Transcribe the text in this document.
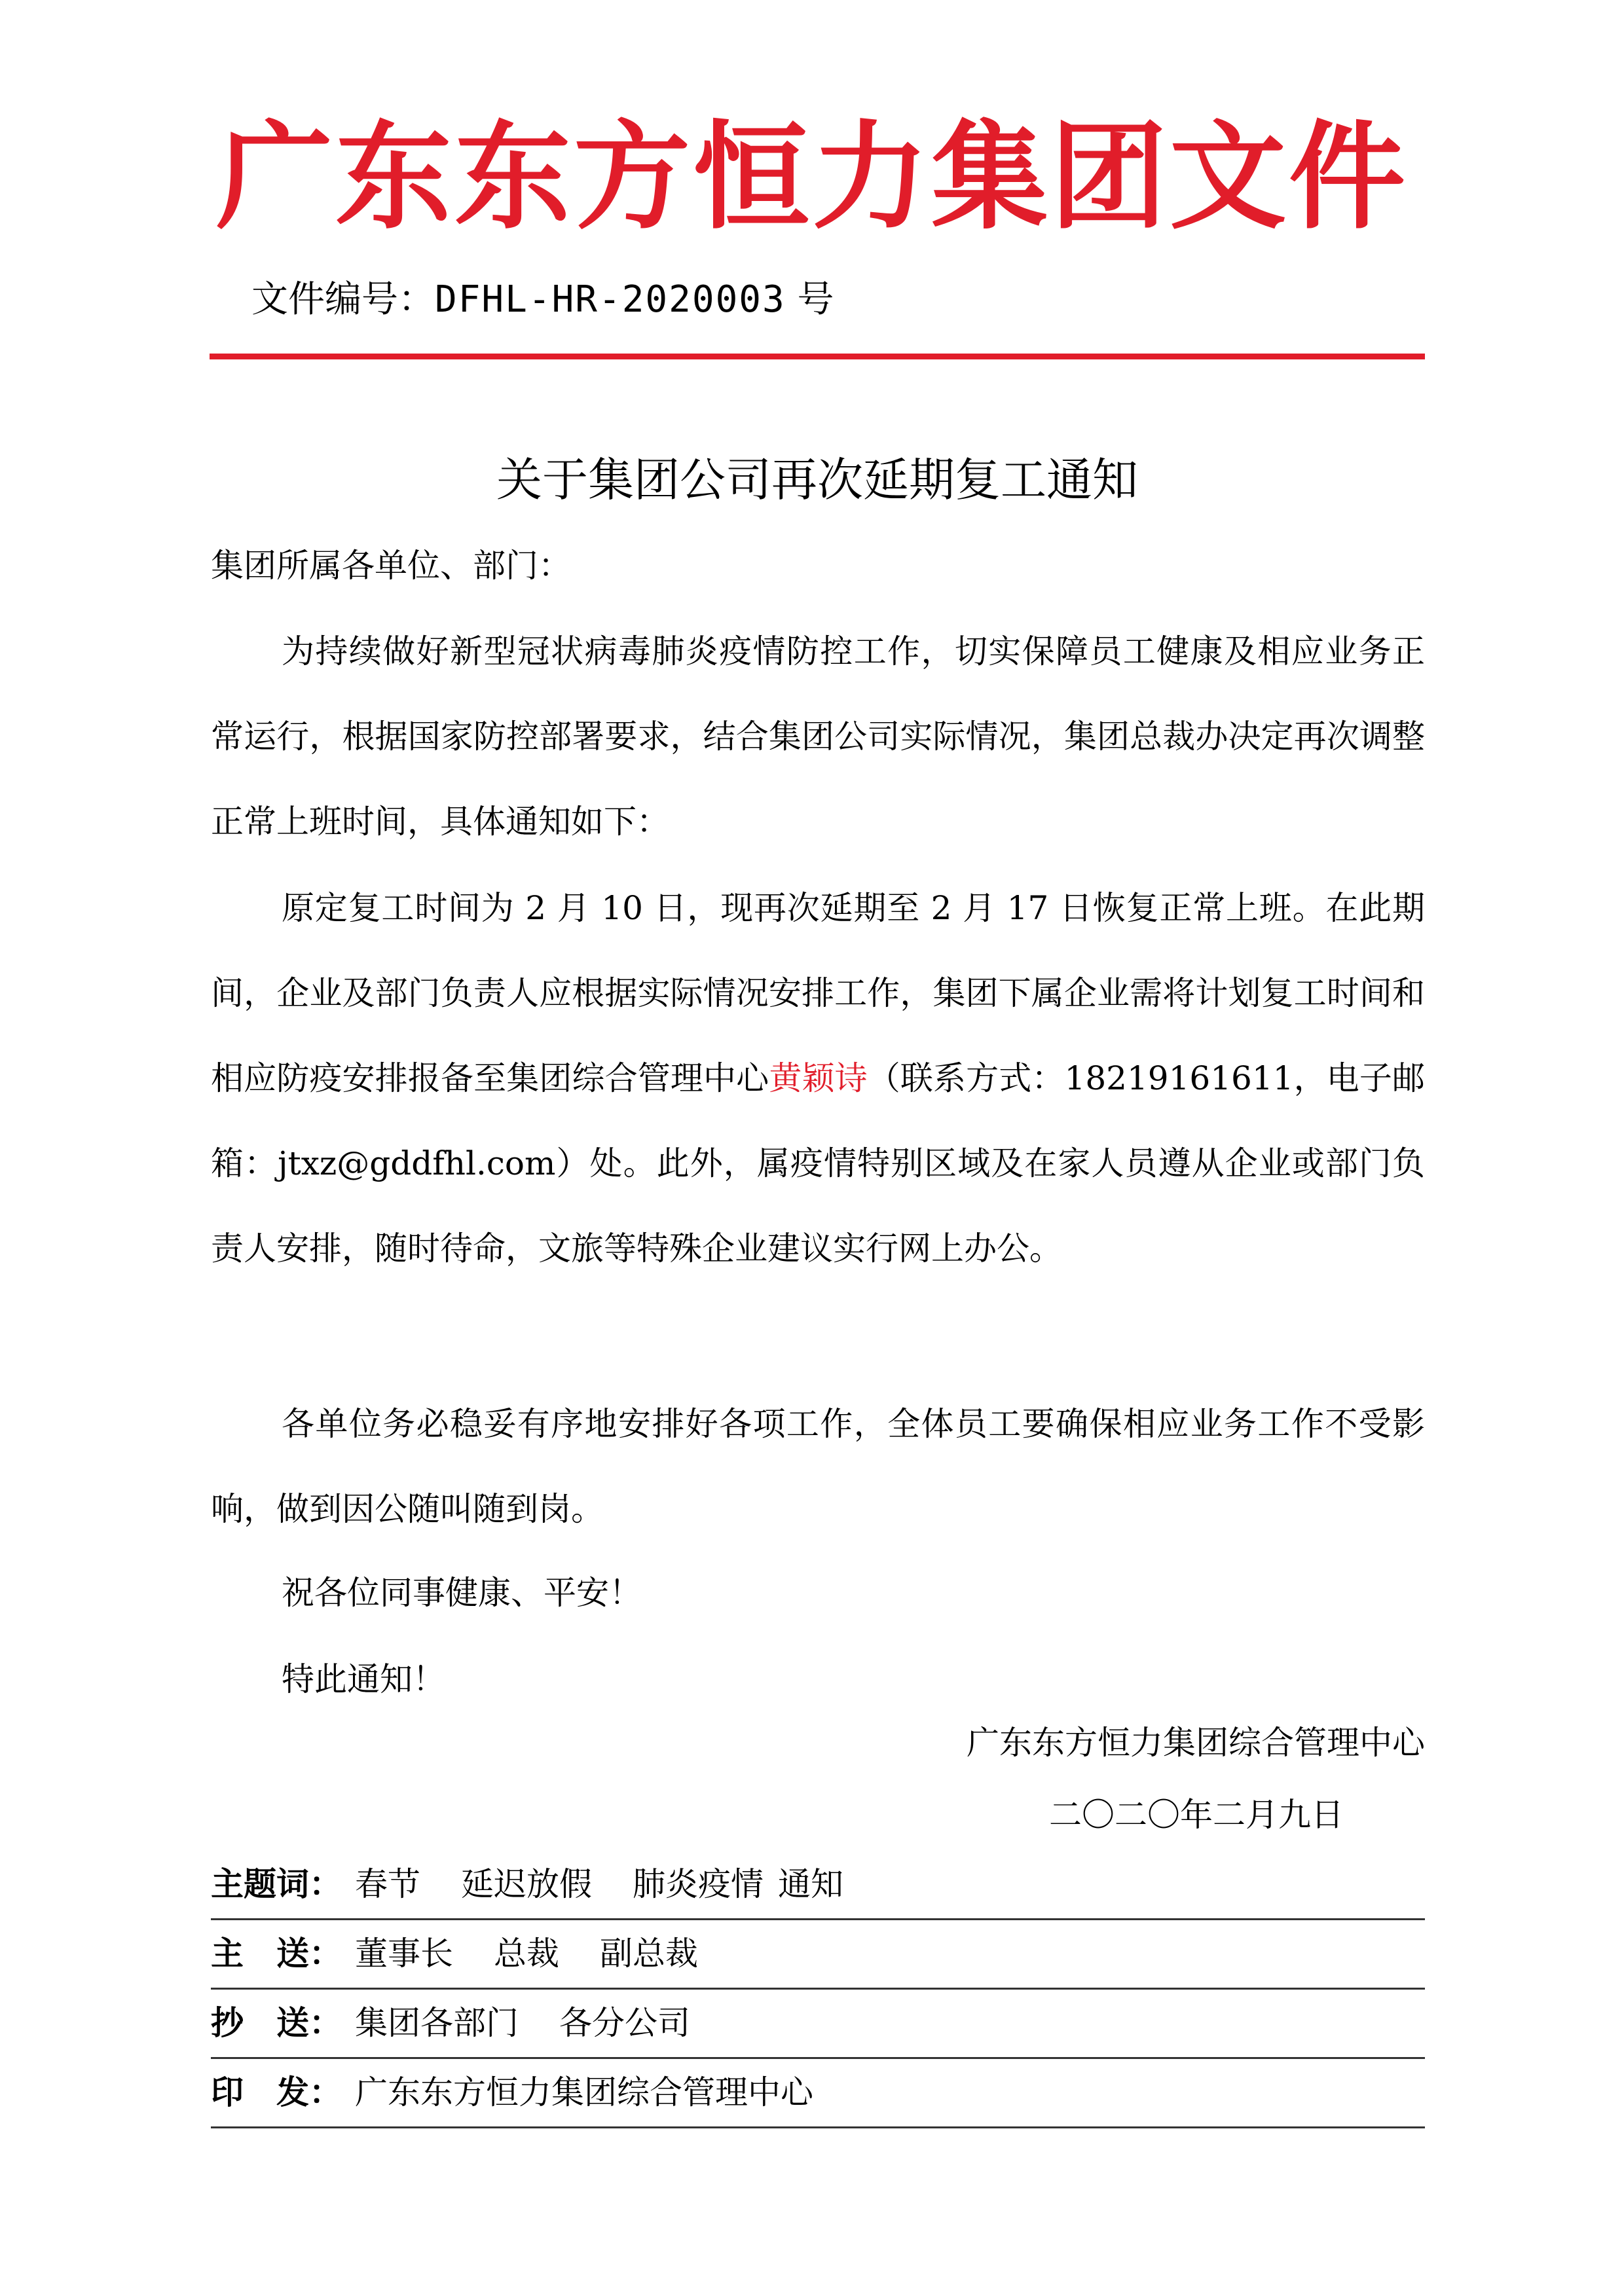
广东东方恒力集团文件
文件编号：DFHL-HR-2020003 号
关于集团公司再次延期复工通知
集团所属各单位、部门：
为持续做好新型冠状病毒肺炎疫情防控工作，切实保障员工健康及相应业务正常运行，根据国家防控部署要求，结合集团公司实际情况，集团总裁办决定再次调整正常上班时间，具体通知如下：
原定复工时间为 2 月 10 日，现再次延期至 2 月 17 日恢复正常上班。在此期间，企业及部门负责人应根据实际情况安排工作，集团下属企业需将计划复工时间和相应防疫安排报备至集团综合管理中心黄颖诗（联系方式：18219161611，电子邮箱：jtxz@gddfhl.com）处。此外，属疫情特别区域及在家人员遵从企业或部门负责人安排，随时待命，文旅等特殊企业建议实行网上办公。
各单位务必稳妥有序地安排好各项工作，全体员工要确保相应业务工作不受影响，做到因公随叫随到岗。
祝各位同事健康、平安！
特此通知！
广东东方恒力集团综合管理中心
二〇二〇年二月九日
主题词： 春节 延迟放假 肺炎疫情 通知
主　送： 董事长 总裁 副总裁
抄　送： 集团各部门 各分公司
印　发： 广东东方恒力集团综合管理中心
